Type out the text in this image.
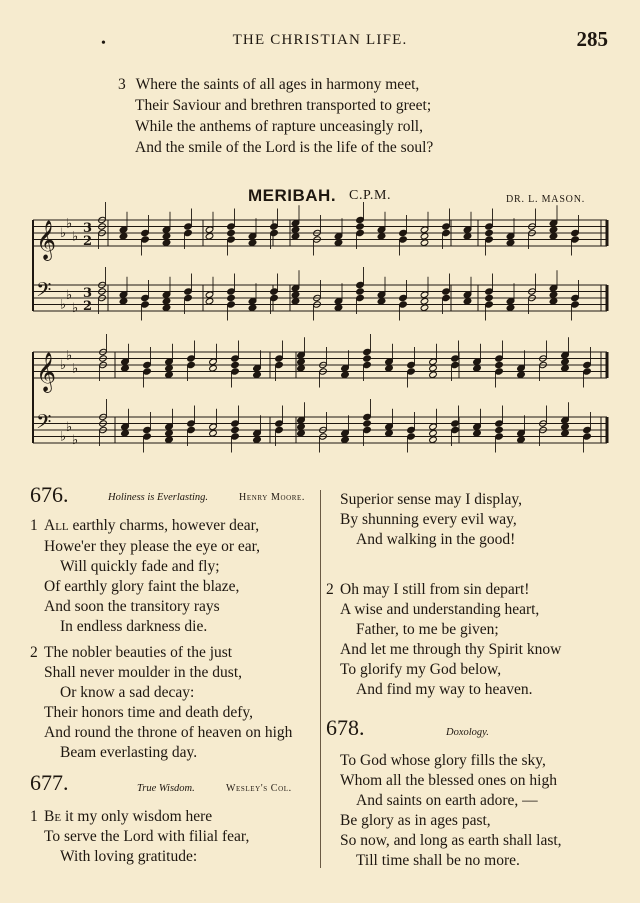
•	THE CHRISTIAN LIFE.	285
3 Where the saints of all ages in harmony meet,
Their Saviour and brethren transported to greet;
While the anthems of rapture unceasingly roll,
And the smile of the Lord is the life of the soul?
MERIBAH. C.P.M.	DR. L. MASON.
𝄞 ♭
♭
♭
3
2
𝄢 ♭
♭
♭
3
2
𝄞 ♭
♭
♭
𝄢 ♭
♭
♭
676.	Holiness is Everlasting.	Henry Moore.
1 All earthly charms, however dear,
Howe'er they please the eye or ear,
Will quickly fade and fly;
Of earthly glory faint the blaze,
And soon the transitory rays
In endless darkness die.
2 The nobler beauties of the just
Shall never moulder in the dust,
Or know a sad decay:
Their honors time and death defy,
And round the throne of heaven on high
Beam everlasting day.
677.	True Wisdom.	Wesley's Col.
1 Be it my only wisdom here
To serve the Lord with filial fear,
With loving gratitude:
Superior sense may I display,
By shunning every evil way,
And walking in the good!
2 Oh may I still from sin depart!
A wise and understanding heart,
Father, to me be given;
And let me through thy Spirit know
To glorify my God below,
And find my way to heaven.
678.	Doxology.
To God whose glory fills the sky,
Whom all the blessed ones on high
And saints on earth adore, —
Be glory as in ages past,
So now, and long as earth shall last,
Till time shall be no more.
